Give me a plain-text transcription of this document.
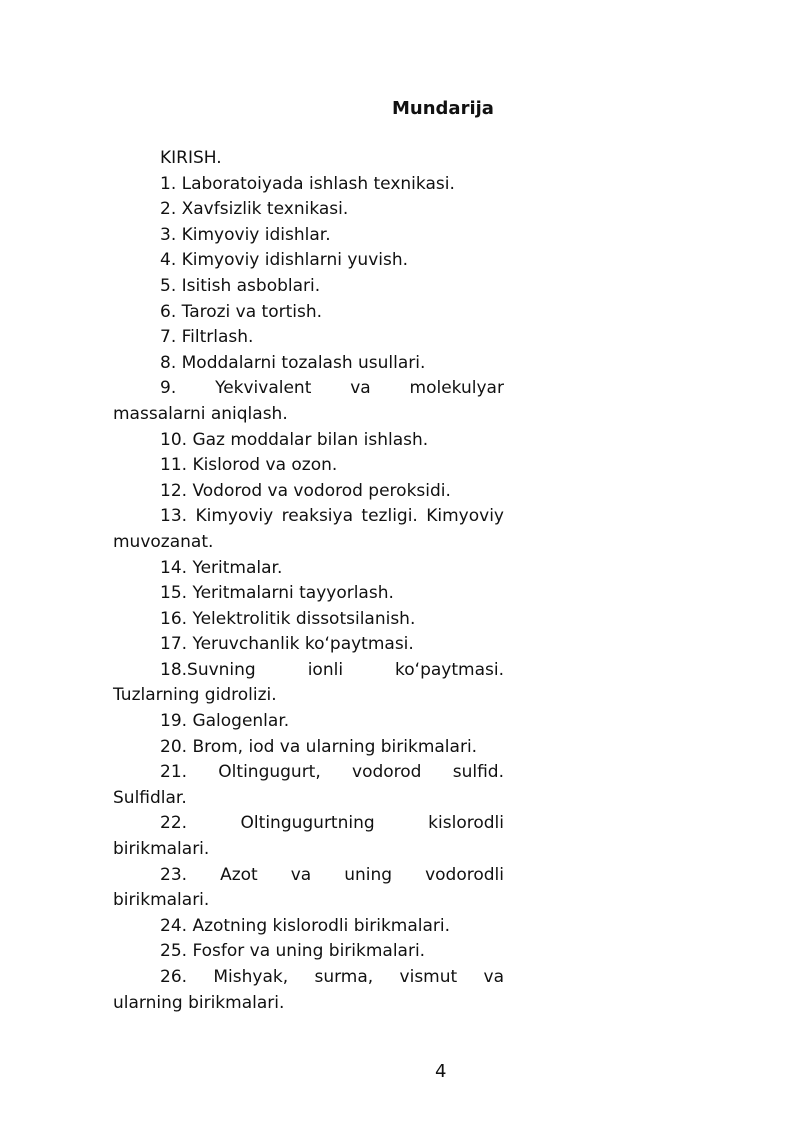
Mundarija
KIRISH.
1. Laboratoiyada ishlash texnikasi.
2. Xavfsizlik texnikasi.
3. Kimyoviy idishlar.
4. Kimyoviy idishlarni yuvish.
5. Isitish asboblari.
6. Tarozi va tortish.
7. Filtrlash.
8. Moddalarni tozalash usullari.
9. Yekvivalent va molekulyar
massalarni aniqlash.
10. Gaz moddalar bilan ishlash.
11. Kislorod va ozon.
12. Vodorod va vodorod peroksidi.
13. Kimyoviy reaksiya tezligi. Kimyoviy
muvozanat.
14. Yeritmalar.
15. Yeritmalarni tayyorlash.
16. Yelektrolitik dissotsilanish.
17. Yeruvchanlik ko‘paytmasi.
18.Suvning	ionli	ko‘paytmasi.
Tuzlarning gidrolizi.
19. Galogenlar.
20. Brom, iod va ularning birikmalari.
21. Oltingugurt, vodorod sulfid.
Sulfidlar.
22.	Oltingugurtning	kislorodli
birikmalari.
23. Azot va uning vodorodli
birikmalari.
24. Azotning kislorodli birikmalari.
25. Fosfor va uning birikmalari.
26. Mishyak, surma, vismut va
ularning birikmalari.
4
